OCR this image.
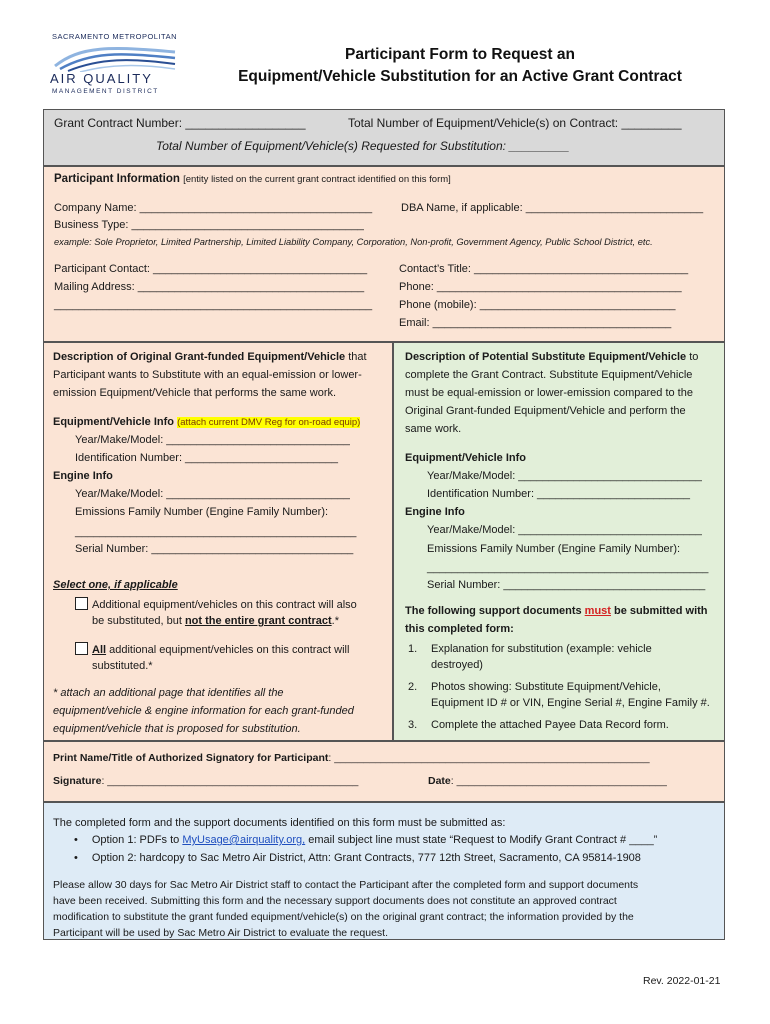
SACRAMENTO METROPOLITAN
AIR QUALITY
MANAGEMENT DISTRICT
Participant Form to Request an
Equipment/Vehicle Substitution for an Active Grant Contract
Grant Contract Number: __________________	Total Number of Equipment/Vehicle(s) on Contract: _________
Total Number of Equipment/Vehicle(s) Requested for Substitution: _________
Participant Information [entity listed on the current grant contract identified on this form]
Company Name: ______________________________________	DBA Name, if applicable: _____________________________
Business Type: ______________________________________
example: Sole Proprietor, Limited Partnership, Limited Liability Company, Corporation, Non-profit, Government Agency, Public School District, etc.
Participant Contact: ___________________________________	Contact’s Title: ___________________________________
Mailing Address: _____________________________________	Phone: ________________________________________
____________________________________________________ Phone (mobile): ________________________________
Email: _______________________________________
Description of Original Grant-funded Equipment/Vehicle that
Participant wants to Substitute with an equal-emission or lower-
emission Equipment/Vehicle that performs the same work.
Equipment/Vehicle Info (attach current DMV Reg for on-road equip)
Year/Make/Model: ______________________________
Identification Number: _________________________
Engine Info
Year/Make/Model: ______________________________
Emissions Family Number (Engine Family Number):
______________________________________________
Serial Number: _________________________________
Select one, if applicable
Additional equipment/vehicles on this contract will also
be substituted, but not the entire grant contract.*
All additional equipment/vehicles on this contract will
substituted.*
* attach an additional page that identifies all the
equipment/vehicle & engine information for each grant-funded
equipment/vehicle that is proposed for substitution.
Description of Potential Substitute Equipment/Vehicle to
complete the Grant Contract. Substitute Equipment/Vehicle
must be equal-emission or lower-emission compared to the
Original Grant-funded Equipment/Vehicle and perform the
same work.
Equipment/Vehicle Info
Year/Make/Model: ______________________________
Identification Number: _________________________
Engine Info
Year/Make/Model: ______________________________
Emissions Family Number (Engine Family Number):
______________________________________________
Serial Number: _________________________________
The following support documents must be submitted with
this completed form:
1. Explanation for substitution (example: vehicle
destroyed)
2. Photos showing: Substitute Equipment/Vehicle,
Equipment ID # or VIN, Engine Serial #, Engine Family #.
3. Complete the attached Payee Data Record form.
Print Name/Title of Authorized Signatory for Participant: ______________________________________________________
Signature: ___________________________________________	Date: ____________________________________
The completed form and the support documents identified on this form must be submitted as:
• Option 1: PDFs to MyUsage@airquality.org, email subject line must state “Request to Modify Grant Contract # ____”
• Option 2: hardcopy to Sac Metro Air District, Attn: Grant Contracts, 777 12th Street, Sacramento, CA 95814-1908
Please allow 30 days for Sac Metro Air District staff to contact the Participant after the completed form and support documents
have been received. Submitting this form and the necessary support documents does not constitute an approved contract
modification to substitute the grant funded equipment/vehicle(s) on the original grant contract; the information provided by the
Participant will be used by Sac Metro Air District to evaluate the request.
Rev. 2022-01-21
